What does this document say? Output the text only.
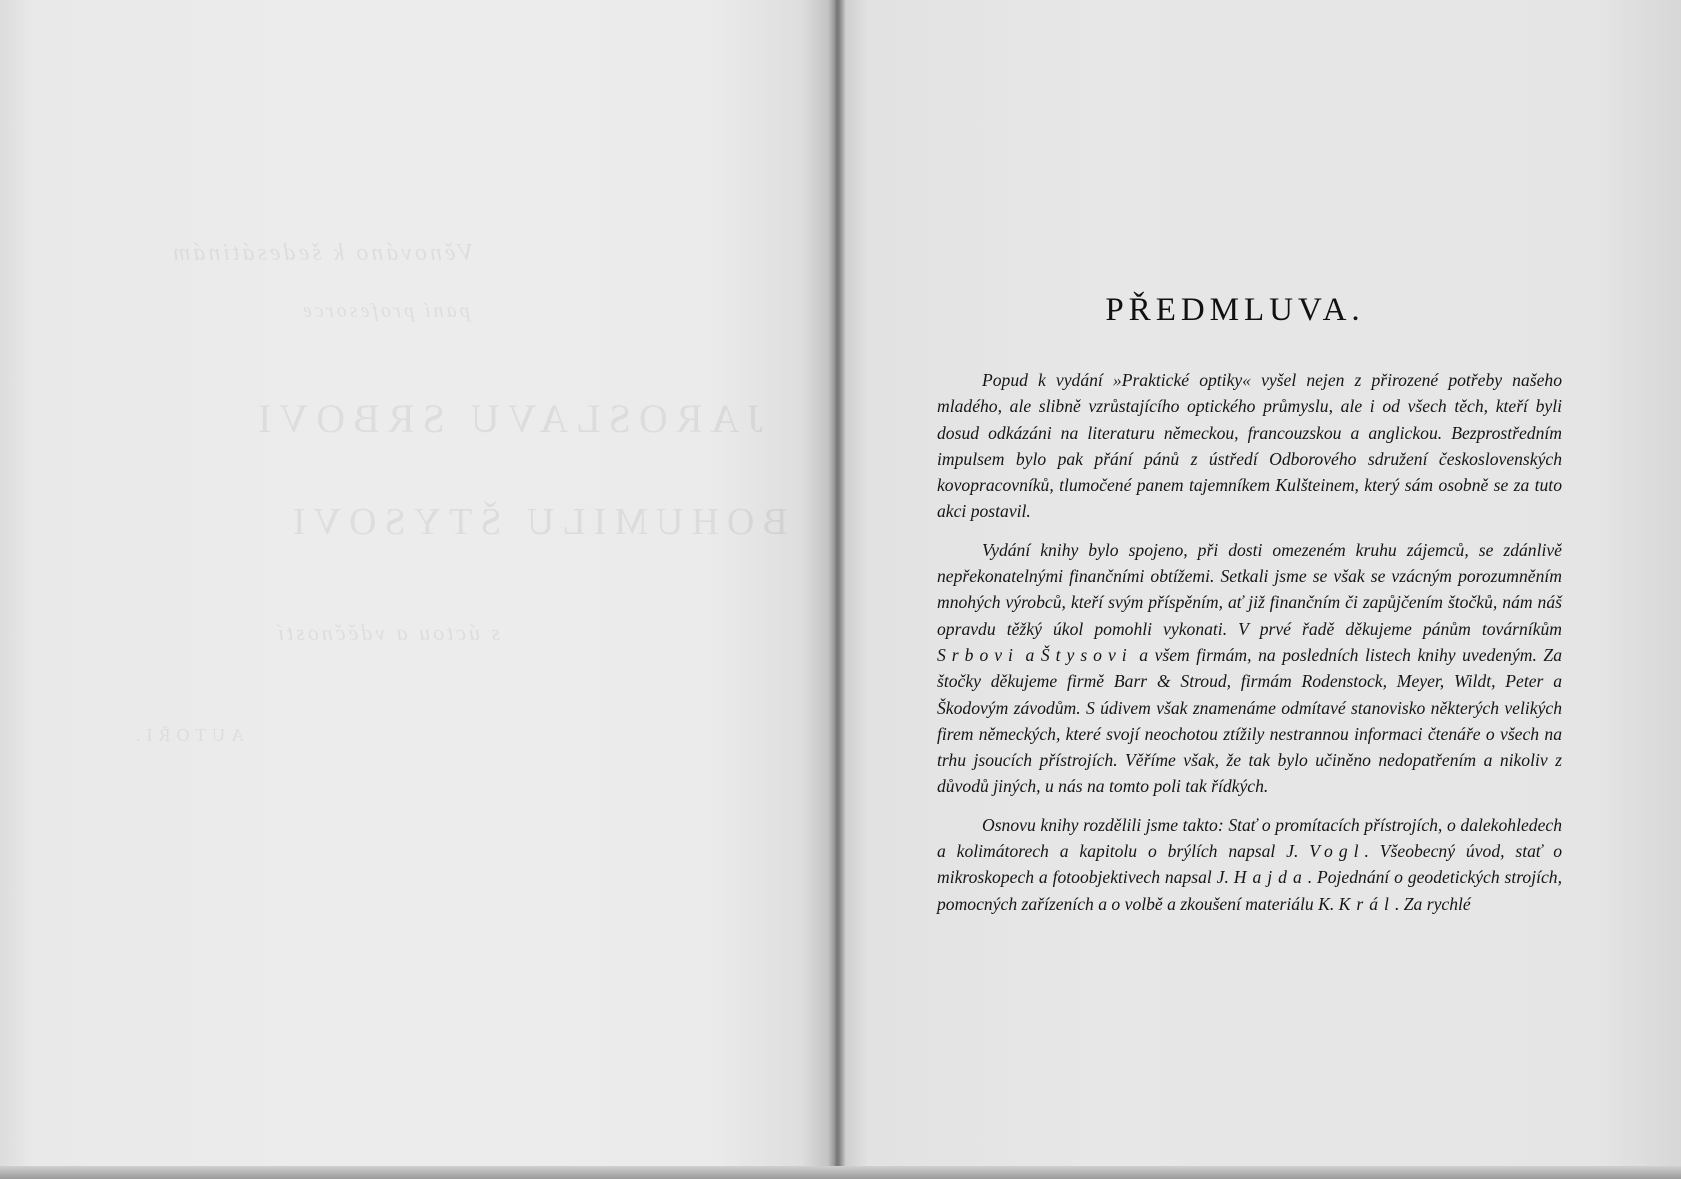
Věnováno k šedesátinám
paní profesorce
JAROSLAVU SRBOVI
BOHUMILU ŠTYSOVI
s úctou a vděčností
AUTOŘI.
PŘEDMLUVA.

Popud k vydání »Praktické optiky« vyšel nejen z přirozené potřeby našeho mladého, ale slibně vzrůstajícího optického průmyslu, ale i od všech těch, kteří byli dosud odkázáni na literaturu německou, francouzskou a anglickou. Bezprostředním impulsem bylo pak přání pánů z ústředí Odborového sdružení československých kovopracovníků, tlumočené panem tajemníkem Kulšteinem, který sám osobně se za tuto akci postavil.

Vydání knihy bylo spojeno, při dosti omezeném kruhu zájemců, se zdánlivě nepřekonatelnými finančními obtížemi. Setkali jsme se však se vzácným porozumněním mnohých výrobců, kteří svým příspěním, ať již finančním či zapůjčením štočků, nám náš opravdu těžký úkol pomohli vykonati. V prvé řadě děkujeme pánům továrníkům Srbovi a Štysovi a všem firmám, na posledních listech knihy uvedeným. Za štočky děkujeme firmě Barr & Stroud, firmám Rodenstock, Meyer, Wildt, Peter a Škodovým závodům. S údivem však znamenáme odmítavé stanovisko některých velikých firem německých, které svojí neochotou ztížily nestrannou informaci čtenáře o všech na trhu jsoucích přístrojích. Věříme však, že tak bylo učiněno nedopatřením a nikoliv z důvodů jiných, u nás na tomto poli tak řídkých.

Osnovu knihy rozdělili jsme takto: Stať o promítacích přístrojích, o dalekohledech a kolimátorech a kapitolu o brýlích napsal J. Vogl. Všeobecný úvod, stať o mikroskopech a fotoobjektivech napsal J. Hajda. Pojednání o geodetických strojích, pomocných zařízeních a o volbě a zkoušení materiálu K. Král. Za rychlé
